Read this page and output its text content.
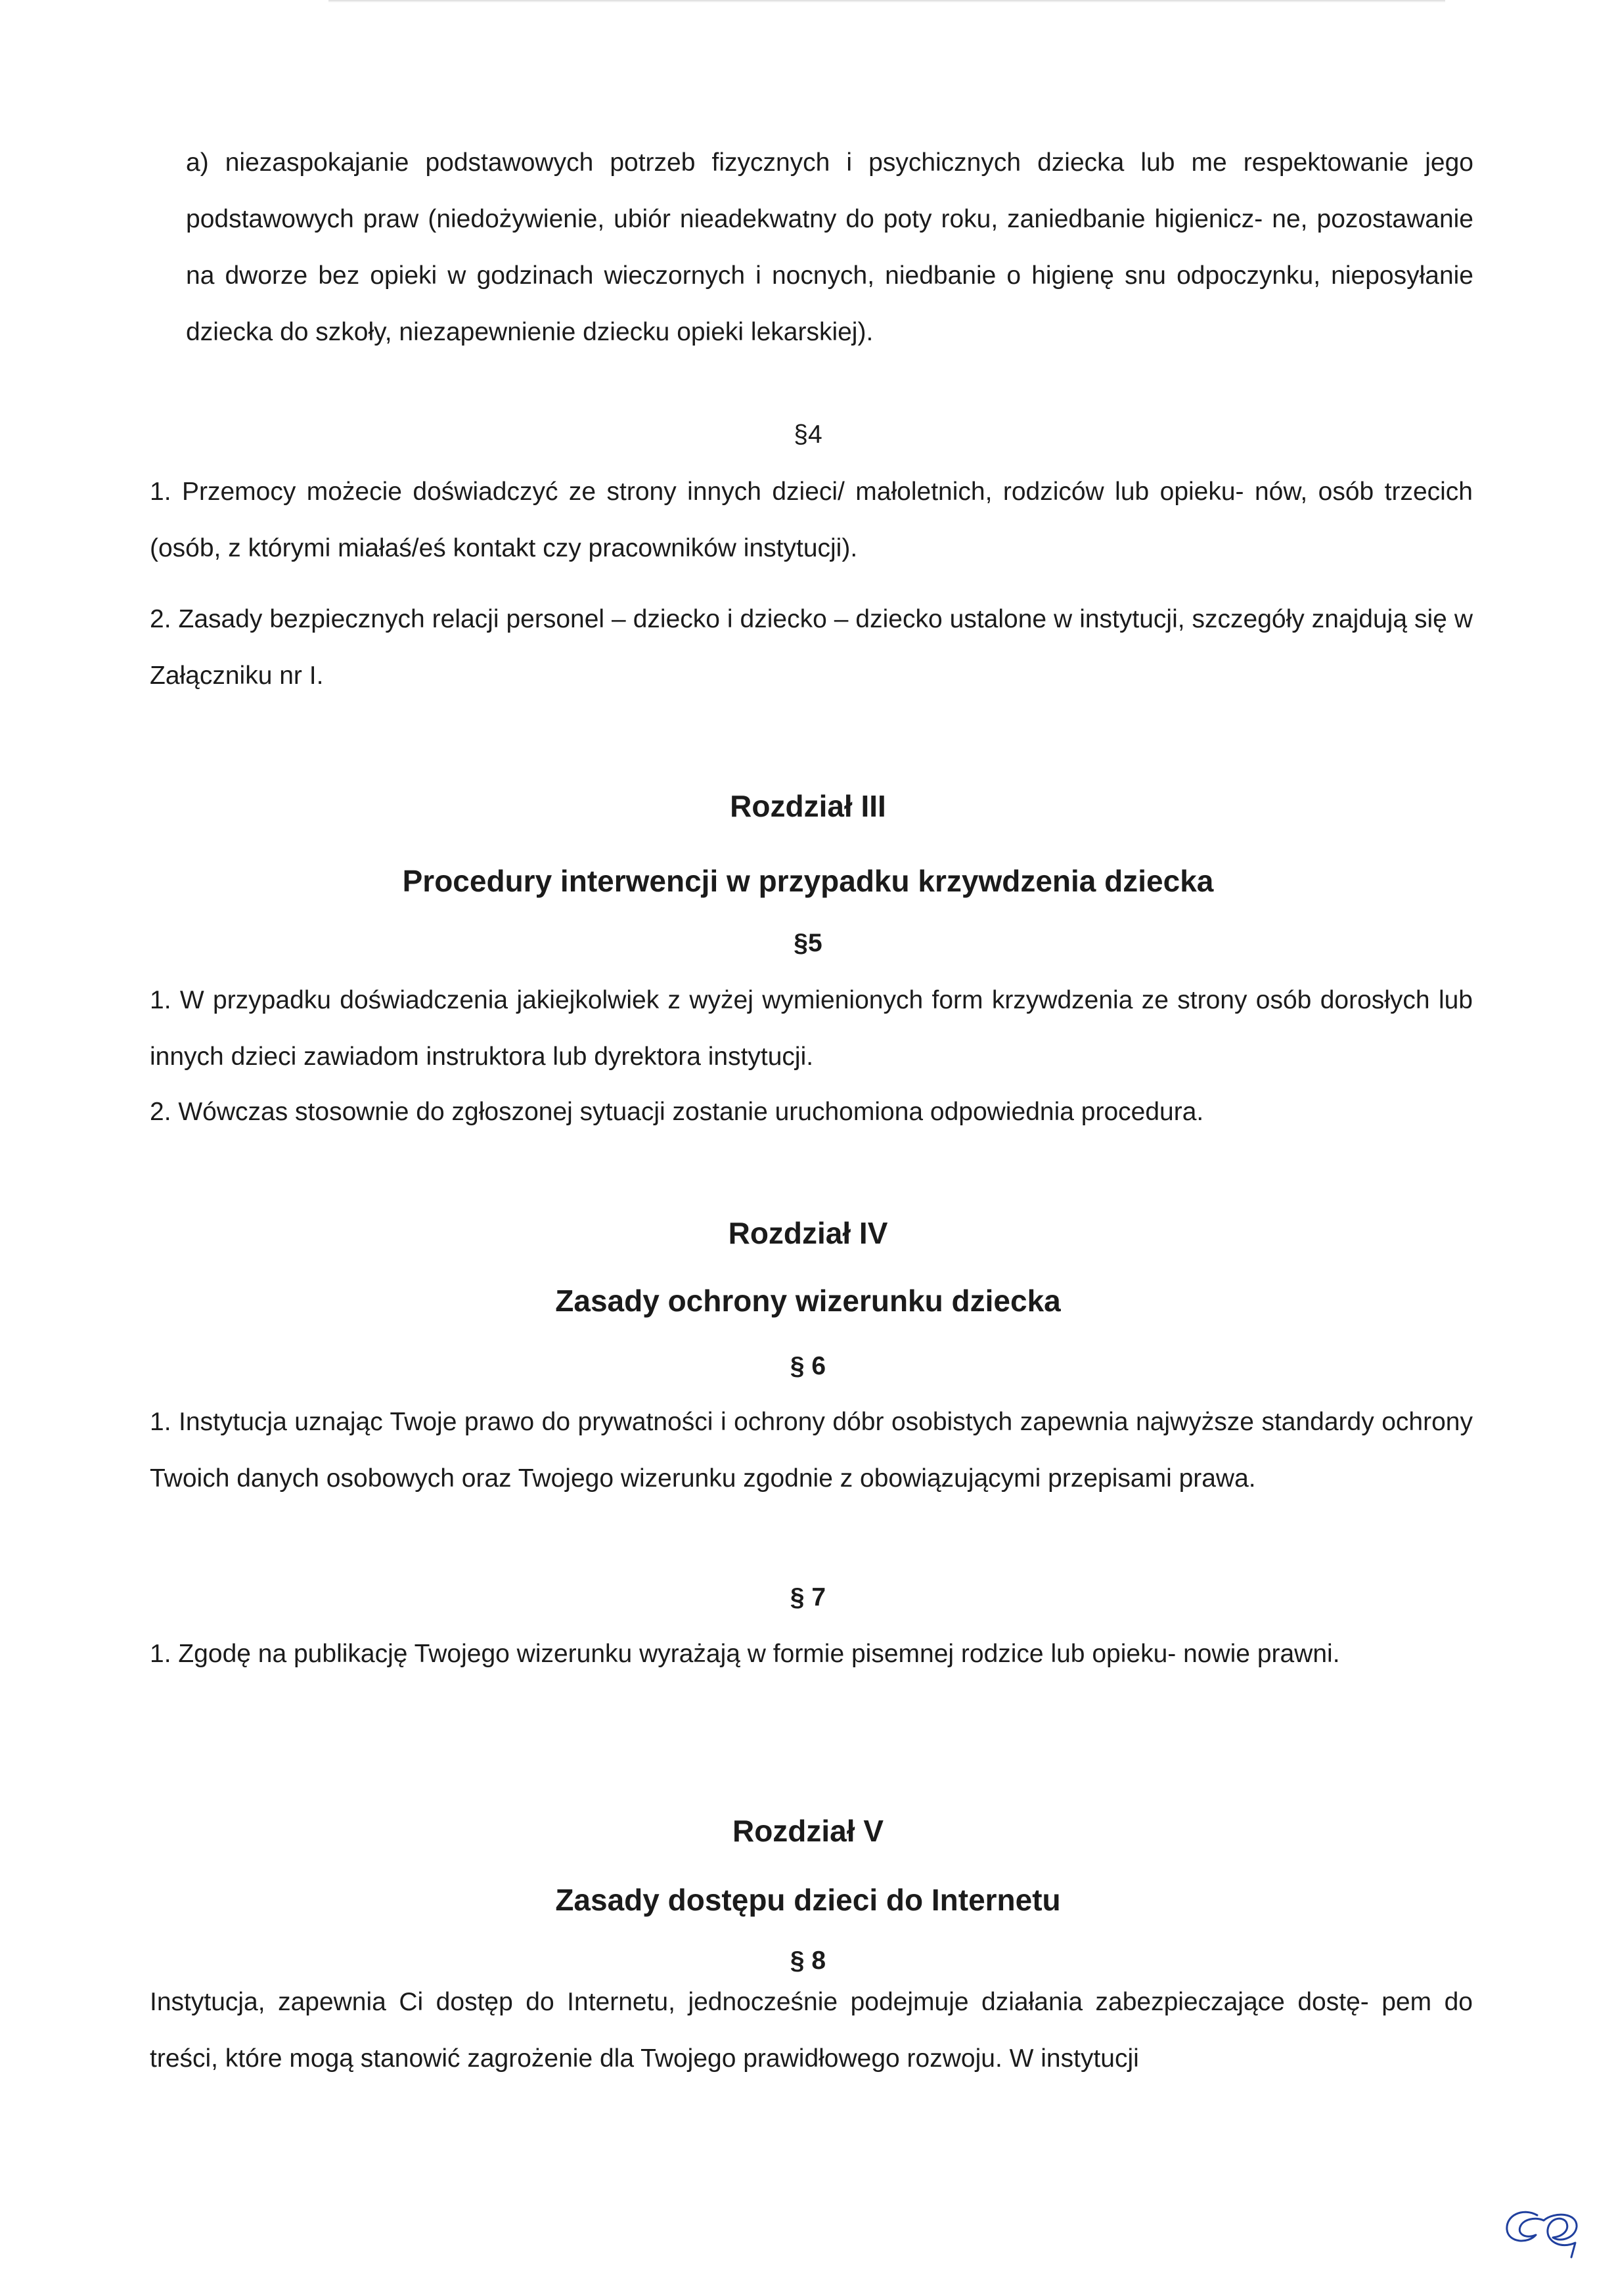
a) niezaspokajanie podstawowych potrzeb fizycznych i psychicznych dziecka lub me respektowanie jego podstawowych praw (niedożywienie, ubiór nieadekwatny do poty roku, zaniedbanie higienicz- ne, pozostawanie na dworze bez opieki w godzinach wieczornych i nocnych, niedbanie o higienę snu odpoczynku, nieposyłanie dziecka do szkoły, niezapewnienie dziecku opieki lekarskiej).

§4

1. Przemocy możecie doświadczyć ze strony innych dzieci/ małoletnich, rodziców lub opieku- nów, osób trzecich (osób, z którymi miałaś/eś kontakt czy pracowników instytucji).

2. Zasady bezpiecznych relacji personel – dziecko i dziecko – dziecko ustalone w instytucji, szczegóły znajdują się w Załączniku nr I.

Rozdział III

Procedury interwencji w przypadku krzywdzenia dziecka

§5

1. W przypadku doświadczenia jakiejkolwiek z wyżej wymienionych form krzywdzenia ze strony osób dorosłych lub innych dzieci zawiadom instruktora lub dyrektora instytucji.

2. Wówczas stosownie do zgłoszonej sytuacji zostanie uruchomiona odpowiednia procedura.

Rozdział IV

Zasady ochrony wizerunku dziecka

§ 6

1. Instytucja uznając Twoje prawo do prywatności i ochrony dóbr osobistych zapewnia najwyższe standardy ochrony Twoich danych osobowych oraz Twojego wizerunku zgodnie z obowiązującymi przepisami prawa.

§ 7

1. Zgodę na publikację Twojego wizerunku wyrażają w formie pisemnej rodzice lub opieku- nowie prawni.

Rozdział V

Zasady dostępu dzieci do Internetu

§ 8

Instytucja, zapewnia Ci dostęp do Internetu, jednocześnie podejmuje działania zabezpieczające dostę- pem do treści, które mogą stanowić zagrożenie dla Twojego prawidłowego rozwoju. W instytucji
